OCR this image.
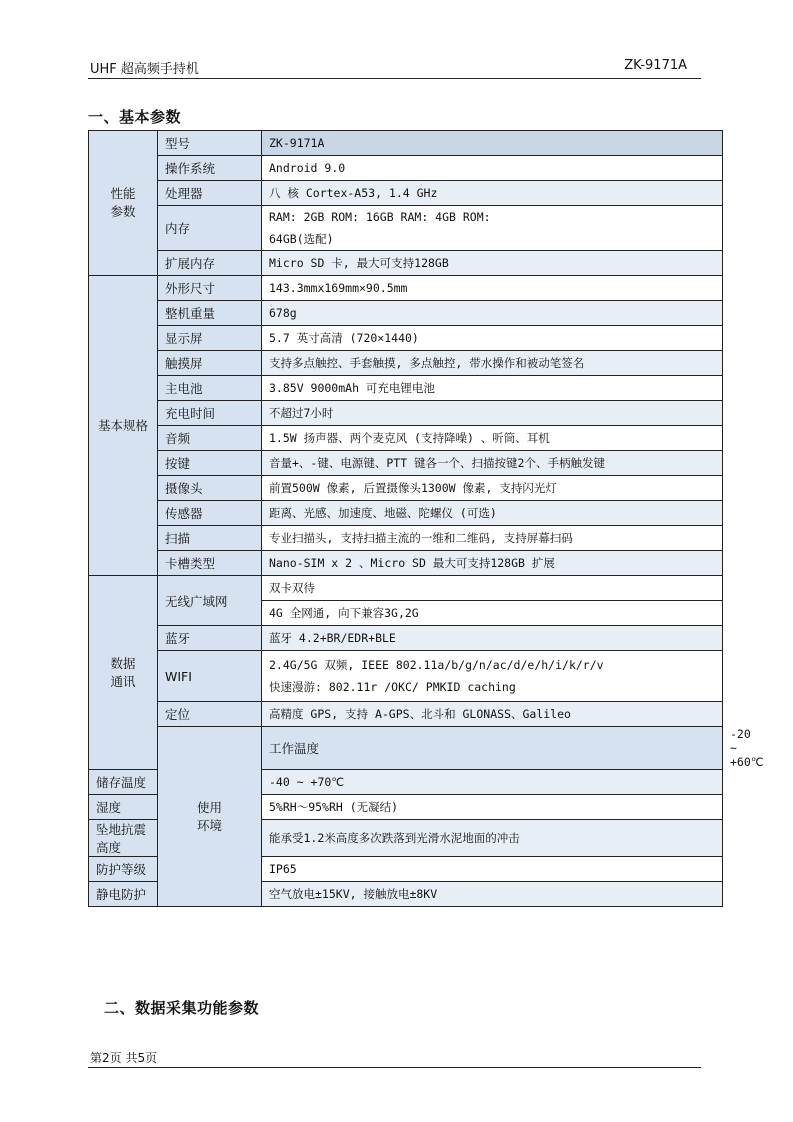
UHF 超高频手持机	ZK-9171A
一、基本参数
性能
参数	型号	ZK-9171A	
	操作系统	Android 9.0	
	处理器	八 核 Cortex-A53, 1.4 GHz	
	内存	RAM: 2GB ROM: 16GB RAM: 4GB ROM:
64GB(选配)	

	扩展内存	Micro SD 卡, 最大可支持128GB	
基本规格	外形尺寸	143.3mmx169mm×90.5mm	
	整机重量	678g	
	显示屏	5.7 英寸高清 (720×1440)	
	触摸屏	支持多点触控、手套触摸, 多点触控, 带水操作和被动笔签名	
	主电池	3.85V 9000mAh 可充电锂电池	
	充电时间	不超过7小时	
	音频	1.5W 扬声器、两个麦克风 (支持降噪) 、听筒、耳机	
	按键	音量+、-键、电源键、PTT 键各一个、扫描按键2个、手柄触发键	
	摄像头	前置500W 像素, 后置摄像头1300W 像素, 支持闪光灯	
	传感器	距离、光感、加速度、地磁、陀螺仪 (可选)	
	扫描	专业扫描头, 支持扫描主流的一维和二维码, 支持屏幕扫码	
	卡槽类型	Nano-SIM x 2 、Micro SD 最大可支持128GB 扩展	
数据
通讯	无线广域网	双卡双待	
		4G 全网通, 向下兼容3G,2G	
	蓝牙	蓝牙 4.2+BR/EDR+BLE	
	WIFI	2.4G/5G 双频, IEEE 802.11a/b/g/n/ac/d/e/h/i/k/r/v
快速漫游: 802.11r /OKC/ PMKID caching	

	定位	高精度 GPS, 支持 A-GPS、北斗和 GLONASS、Galileo	
	使用
环境	工作温度	-20 ~ +60℃
储存温度		-40 ~ +70℃	
湿度		5%RH～95%RH (无凝结)	
坠地抗震高度		能承受1.2米高度多次跌落到光滑水泥地面的冲击	
防护等级		IP65	
静电防护		空气放电±15KV, 接触放电±8KV	
二、数据采集功能参数
第2页 共5页
